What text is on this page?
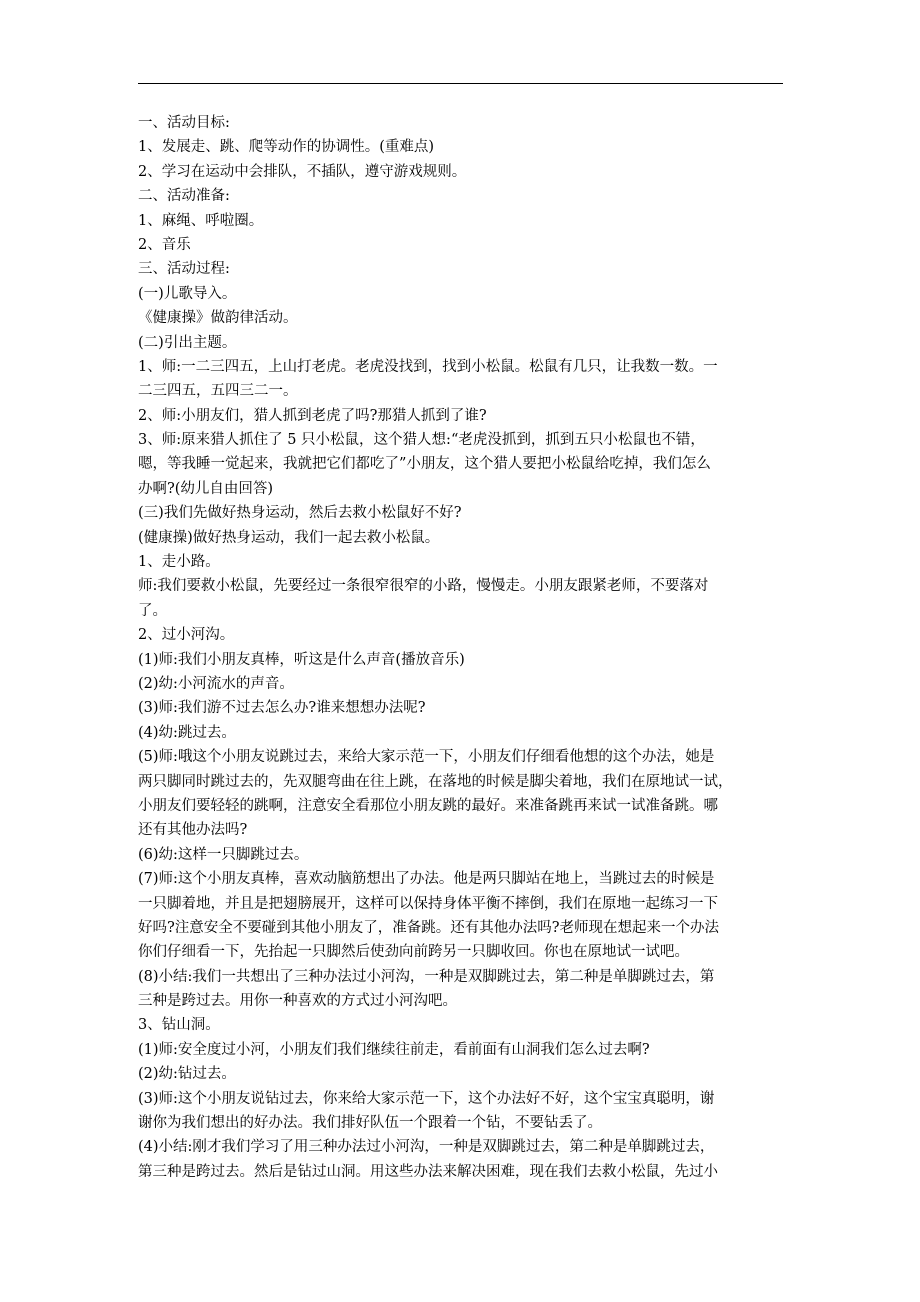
一、活动目标:
1、发展走、跳、爬等动作的协调性。(重难点)
2、学习在运动中会排队，不插队，遵守游戏规则。
二、活动准备:
1、麻绳、呼啦圈。
2、音乐
三、活动过程:
(一)儿歌导入。
《健康操》做韵律活动。
(二)引出主题。
1、师:一二三四五，上山打老虎。老虎没找到，找到小松鼠。松鼠有几只，让我数一数。一
二三四五，五四三二一。
2、师:小朋友们，猎人抓到老虎了吗?那猎人抓到了谁?
3、师:原来猎人抓住了 5 只小松鼠，这个猎人想:“老虎没抓到，抓到五只小松鼠也不错，
嗯，等我睡一觉起来，我就把它们都吃了”小朋友，这个猎人要把小松鼠给吃掉，我们怎么
办啊?(幼儿自由回答)
(三)我们先做好热身运动，然后去救小松鼠好不好?
(健康操)做好热身运动，我们一起去救小松鼠。
1、走小路。
师:我们要救小松鼠，先要经过一条很窄很窄的小路，慢慢走。小朋友跟紧老师，不要落对
了。
2、过小河沟。
(1)师:我们小朋友真棒，听这是什么声音(播放音乐)
(2)幼:小河流水的声音。
(3)师:我们游不过去怎么办?谁来想想办法呢?
(4)幼:跳过去。
(5)师:哦这个小朋友说跳过去，来给大家示范一下，小朋友们仔细看他想的这个办法，她是
两只脚同时跳过去的，先双腿弯曲在往上跳，在落地的时候是脚尖着地，我们在原地试一试，
小朋友们要轻轻的跳啊，注意安全看那位小朋友跳的最好。来准备跳再来试一试准备跳。哪
还有其他办法吗?
(6)幼:这样一只脚跳过去。
(7)师:这个小朋友真棒，喜欢动脑筋想出了办法。他是两只脚站在地上，当跳过去的时候是
一只脚着地，并且是把翅膀展开，这样可以保持身体平衡不摔倒，我们在原地一起练习一下
好吗?注意安全不要碰到其他小朋友了，准备跳。还有其他办法吗?老师现在想起来一个办法
你们仔细看一下，先抬起一只脚然后使劲向前跨另一只脚收回。你也在原地试一试吧。
(8)小结:我们一共想出了三种办法过小河沟，一种是双脚跳过去，第二种是单脚跳过去，第
三种是跨过去。用你一种喜欢的方式过小河沟吧。
3、钻山洞。
(1)师:安全度过小河，小朋友们我们继续往前走，看前面有山洞我们怎么过去啊?
(2)幼:钻过去。
(3)师:这个小朋友说钻过去，你来给大家示范一下，这个办法好不好，这个宝宝真聪明，谢
谢你为我们想出的好办法。我们排好队伍一个跟着一个钻，不要钻丢了。
(4)小结:刚才我们学习了用三种办法过小河沟，一种是双脚跳过去，第二种是单脚跳过去，
第三种是跨过去。然后是钻过山洞。用这些办法来解决困难，现在我们去救小松鼠，先过小
